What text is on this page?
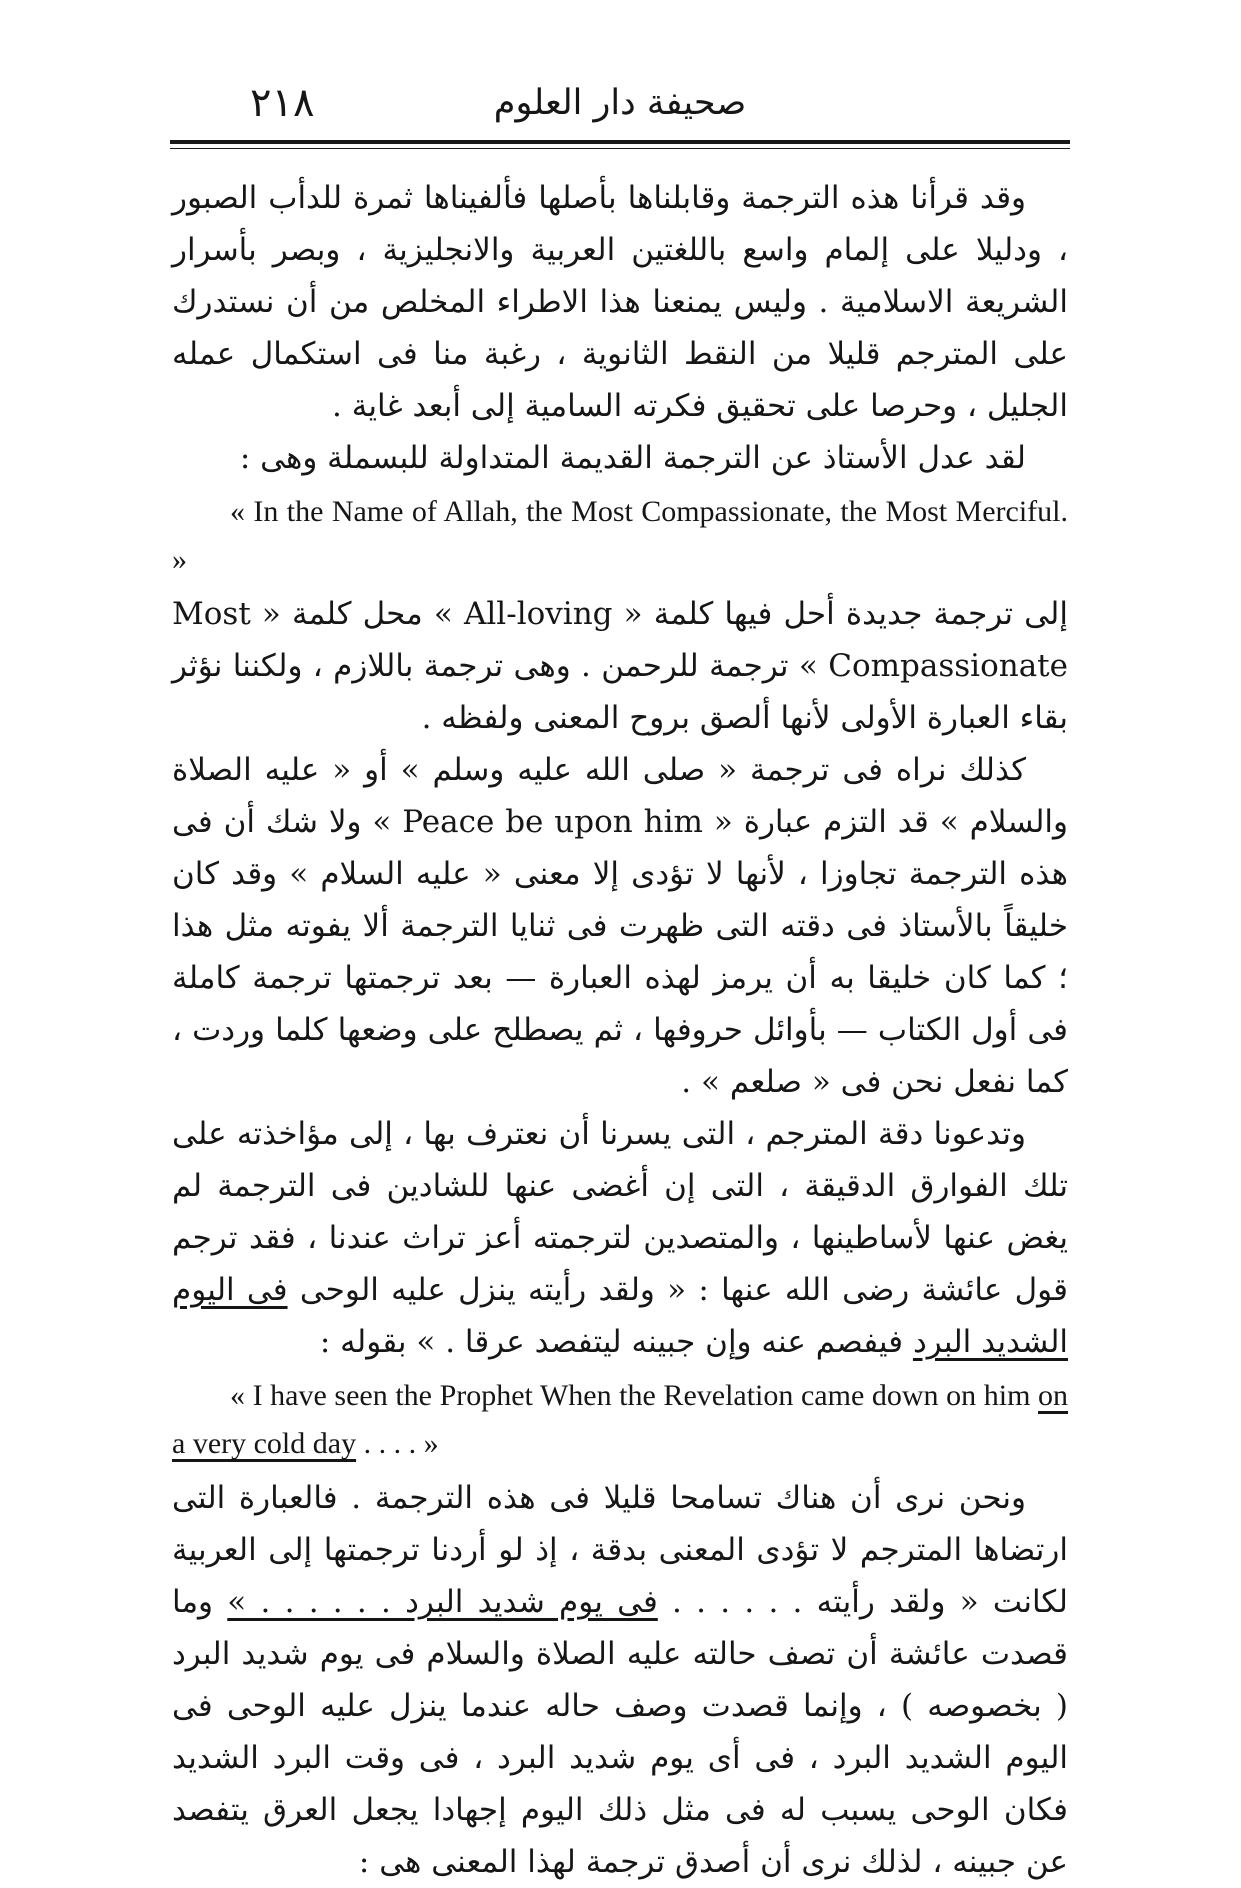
٢١٨	صحيفة دار العلوم

وقد قرأنا هذه الترجمة وقابلناها بأصلها فألفيناها ثمرة للدأب الصبور ، ودليلا على إلمام واسع باللغتين العربية والانجليزية ، وبصر بأسرار الشريعة الاسلامية . وليس يمنعنا هذا الاطراء المخلص من أن نستدرك على المترجم قليلا من النقط الثانوية ، رغبة منا فى استكمال عمله الجليل ، وحرصا على تحقيق فكرته السامية إلى أبعد غاية .

لقد عدل الأستاذ عن الترجمة القديمة المتداولة للبسملة وهى :

« In the Name of Allah, the Most Compassionate, the Most Merciful. »

إلى ترجمة جديدة أحل فيها كلمة « All-loving » محل كلمة « Most Compassionate » ترجمة للرحمن . وهى ترجمة باللازم ، ولكننا نؤثر بقاء العبارة الأولى لأنها ألصق بروح المعنى ولفظه .

كذلك نراه فى ترجمة « صلى الله عليه وسلم » أو « عليه الصلاة والسلام » قد التزم عبارة « Peace be upon him » ولا شك أن فى هذه الترجمة تجاوزا ، لأنها لا تؤدى إلا معنى « عليه السلام » وقد كان خليقاً بالأستاذ فى دقته التى ظهرت فى ثنايا الترجمة ألا يفوته مثل هذا ؛ كما كان خليقا به أن يرمز لهذه العبارة — بعد ترجمتها ترجمة كاملة فى أول الكتاب — بأوائل حروفها ، ثم يصطلح على وضعها كلما وردت ، كما نفعل نحن فى « صلعم » .

وتدعونا دقة المترجم ، التى يسرنا أن نعترف بها ، إلى مؤاخذته على تلك الفوارق الدقيقة ، التى إن أغضى عنها للشادين فى الترجمة لم يغض عنها لأساطينها ، والمتصدين لترجمته أعز تراث عندنا ، فقد ترجم قول عائشة رضى الله عنها : « ولقد رأيته ينزل عليه الوحى فى اليوم الشديد البرد فيفصم عنه وإن جبينه ليتفصد عرقا . » بقوله :

« I have seen the Prophet When the Revelation came down on him on a very cold day . . . . »

ونحن نرى أن هناك تسامحا قليلا فى هذه الترجمة . فالعبارة التى ارتضاها المترجم لا تؤدى المعنى بدقة ، إذ لو أردنا ترجمتها إلى العربية لكانت « ولقد رأيته . . . . . . فى يوم شديد البرد . . . . . . » وما قصدت عائشة أن تصف حالته عليه الصلاة والسلام فى يوم شديد البرد ( بخصوصه ) ، وإنما قصدت وصف حاله عندما ينزل عليه الوحى فى اليوم الشديد البرد ، فى أى يوم شديد البرد ، فى وقت البرد الشديد فكان الوحى يسبب له فى مثل ذلك اليوم إجهادا يجعل العرق يتفصد عن جبينه ، لذلك نرى أن أصدق ترجمة لهذا المعنى هى :
